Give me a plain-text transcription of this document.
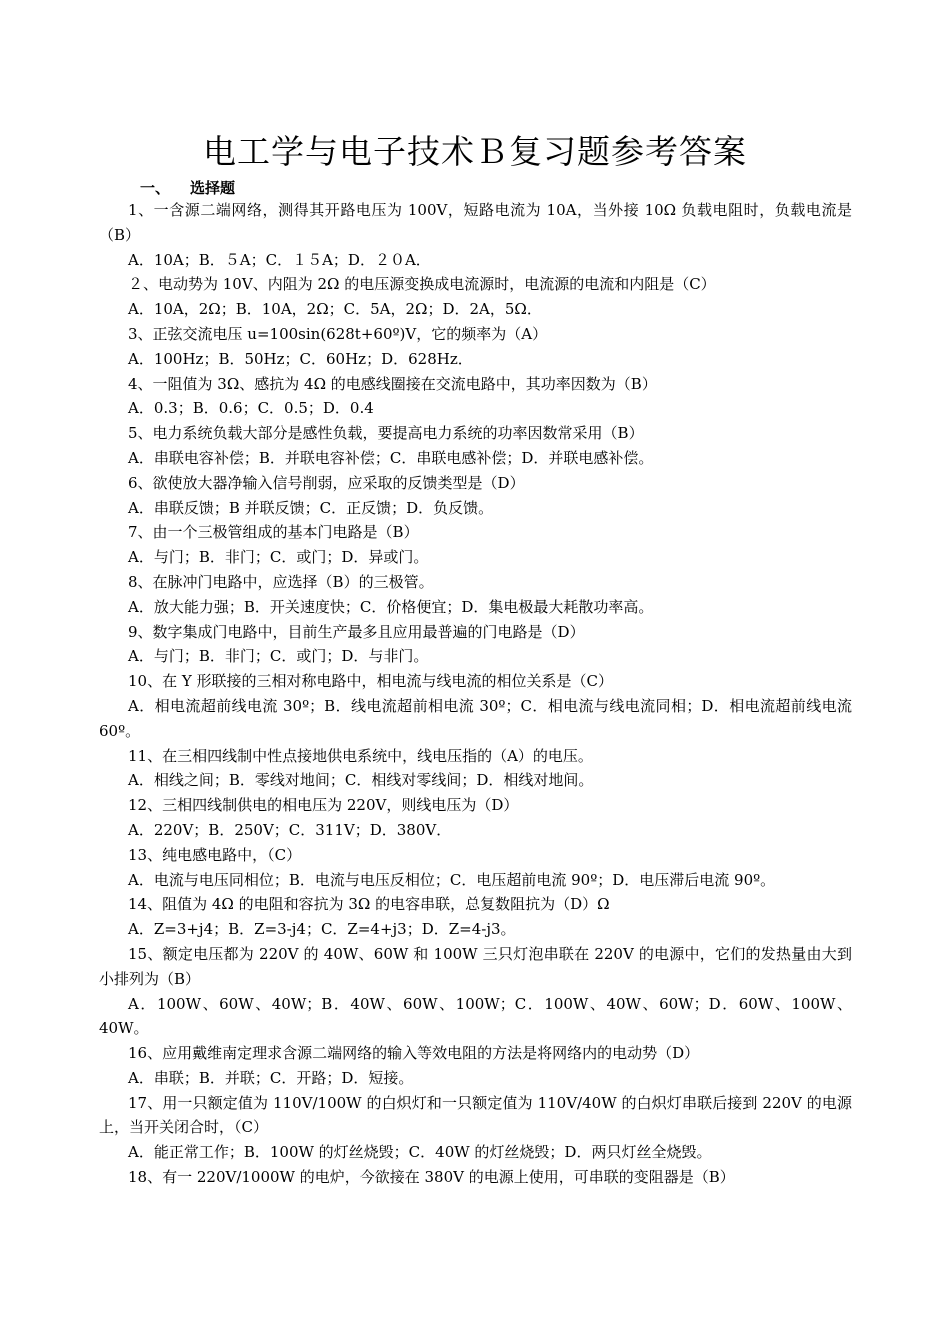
电工学与电子技术Ｂ复习题参考答案
一、 选择题

1、一含源二端网络，测得其开路电压为 100V，短路电流为 10A，当外接 10Ω 负载电阻时，负载电流是（B）

A．10A；B．５A；C．１５A；D．２０A．

２、电动势为 10V、内阻为 2Ω 的电压源变换成电流源时，电流源的电流和内阻是（C）

A．10A，2Ω；B．10A，2Ω；C．5A，2Ω；D．2A，5Ω．

3、正弦交流电压 u=100sin(628t+60º)V，它的频率为（A）

A．100Hz；B．50Hz；C．60Hz；D．628Hz．

4、一阻值为 3Ω、感抗为 4Ω 的电感线圈接在交流电路中，其功率因数为（B）

A．0.3；B．0.6；C．0.5；D．0.4

5、电力系统负载大部分是感性负载，要提高电力系统的功率因数常采用（B）

A．串联电容补偿；B．并联电容补偿；C．串联电感补偿；D．并联电感补偿。

6、欲使放大器净输入信号削弱，应采取的反馈类型是（D）

A．串联反馈；B 并联反馈；C．正反馈；D．负反馈。

7、由一个三极管组成的基本门电路是（B）

A．与门；B．非门；C．或门；D．异或门。

8、在脉冲门电路中，应选择（B）的三极管。

A．放大能力强；B．开关速度快；C．价格便宜；D．集电极最大耗散功率高。

9、数字集成门电路中，目前生产最多且应用最普遍的门电路是（D）

A．与门；B．非门；C．或门；D．与非门。

10、在 Y 形联接的三相对称电路中，相电流与线电流的相位关系是（C）

A．相电流超前线电流 30º；B．线电流超前相电流 30º；C．相电流与线电流同相；D．相电流超前线电流 60º。

11、在三相四线制中性点接地供电系统中，线电压指的（A）的电压。

A．相线之间；B．零线对地间；C．相线对零线间；D．相线对地间。

12、三相四线制供电的相电压为 220V，则线电压为（D）

A．220V；B．250V；C．311V；D．380V．

13、纯电感电路中，（C）

A．电流与电压同相位；B．电流与电压反相位；C．电压超前电流 90º；D．电压滞后电流 90º。

14、阻值为 4Ω 的电阻和容抗为 3Ω 的电容串联，总复数阻抗为（D）Ω

A．Z=3+j4；B．Z=3-j4；C．Z=4+j3；D．Z=4-j3。

15、额定电压都为 220V 的 40W、60W 和 100W 三只灯泡串联在 220V 的电源中，它们的发热量由大到小排列为（B）

A．100W、60W、40W；B．40W、60W、100W；C．100W、40W、60W；D．60W、100W、40W。

16、应用戴维南定理求含源二端网络的输入等效电阻的方法是将网络内的电动势（D）

A．串联；B．并联；C．开路；D．短接。

17、用一只额定值为 110V/100W 的白炽灯和一只额定值为 110V/40W 的白炽灯串联后接到 220V 的电源上，当开关闭合时，（C）

A．能正常工作；B．100W 的灯丝烧毁；C．40W 的灯丝烧毁；D．两只灯丝全烧毁。

18、有一 220V/1000W 的电炉，今欲接在 380V 的电源上使用，可串联的变阻器是（B）
